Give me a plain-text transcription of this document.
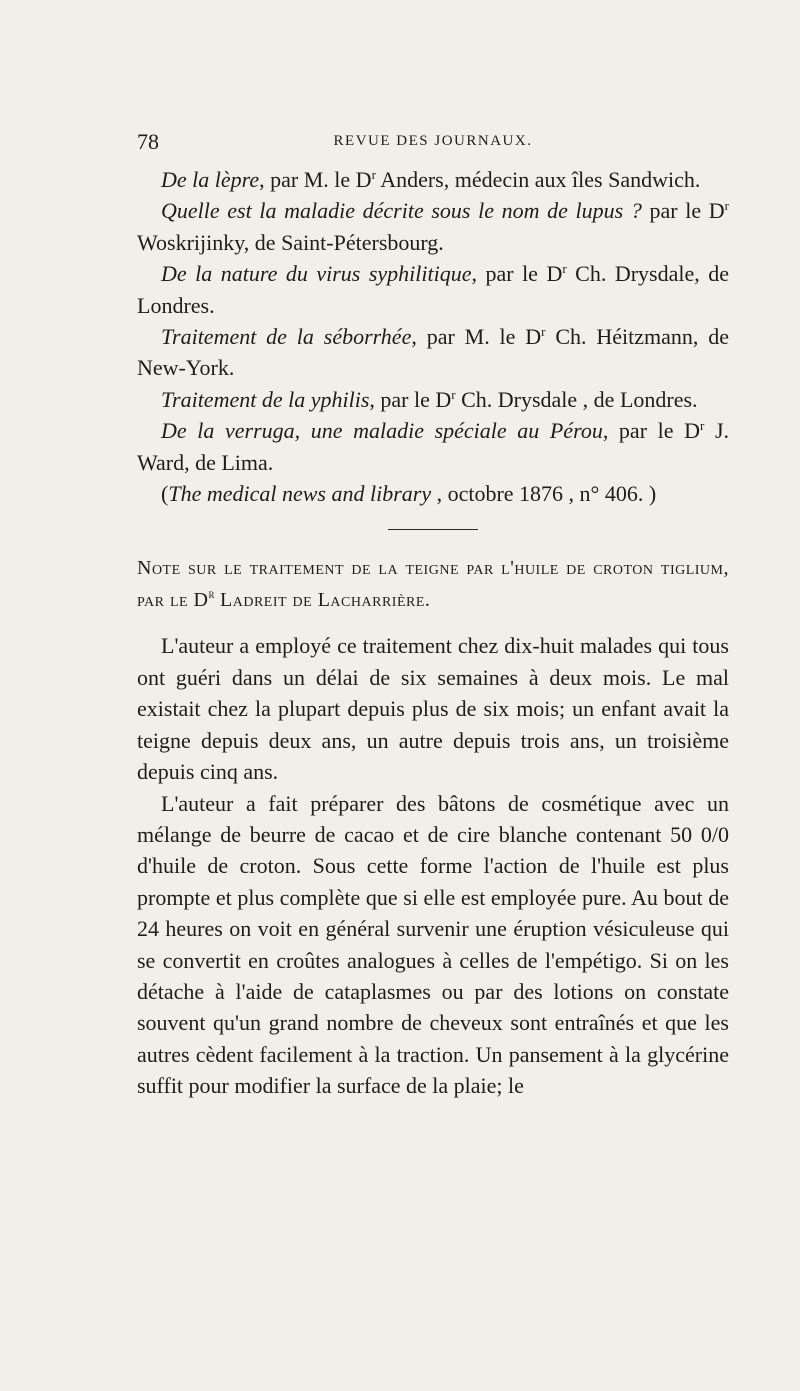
78	REVUE DES JOURNAUX.

De la lèpre, par M. le $D^r$ Anders, médecin aux îles Sandwich.

Quelle est la maladie décrite sous le nom de lupus ? par le $D^r$ Woskrijinky, de Saint-Pétersbourg.

De la nature du virus syphilitique, par le $D^r$ Ch. Drysdale, de Londres.

Traitement de la séborrhée, par M. le $D^r$ Ch. Héitzmann, de New-York.

Traitement de la yphilis, par le $D^r$ Ch. Drysdale , de Londres.

De la verruga, une maladie spéciale au Pérou, par le $D^r$ J. Ward, de Lima.

(The medical news and library , octobre 1876 , n° 406. )

Note sur le traitement de la teigne par l'huile de croton tiglium, par le $D^r$ Ladreit de Lacharrière.

L'auteur a employé ce traitement chez dix-huit malades qui tous ont guéri dans un délai de six semaines à deux mois. Le mal existait chez la plupart depuis plus de six mois; un enfant avait la teigne depuis deux ans, un autre depuis trois ans, un troisième depuis cinq ans.

L'auteur a fait préparer des bâtons de cosmétique avec un mélange de beurre de cacao et de cire blanche contenant 50 0/0 d'huile de croton. Sous cette forme l'action de l'huile est plus prompte et plus complète que si elle est employée pure. Au bout de 24 heures on voit en général survenir une éruption vésiculeuse qui se convertit en croûtes analogues à celles de l'empétigo. Si on les détache à l'aide de cataplasmes ou par des lotions on constate souvent qu'un grand nombre de cheveux sont entraînés et que les autres cèdent facilement à la traction. Un pansement à la glycérine suffit pour modifier la surface de la plaie; le
